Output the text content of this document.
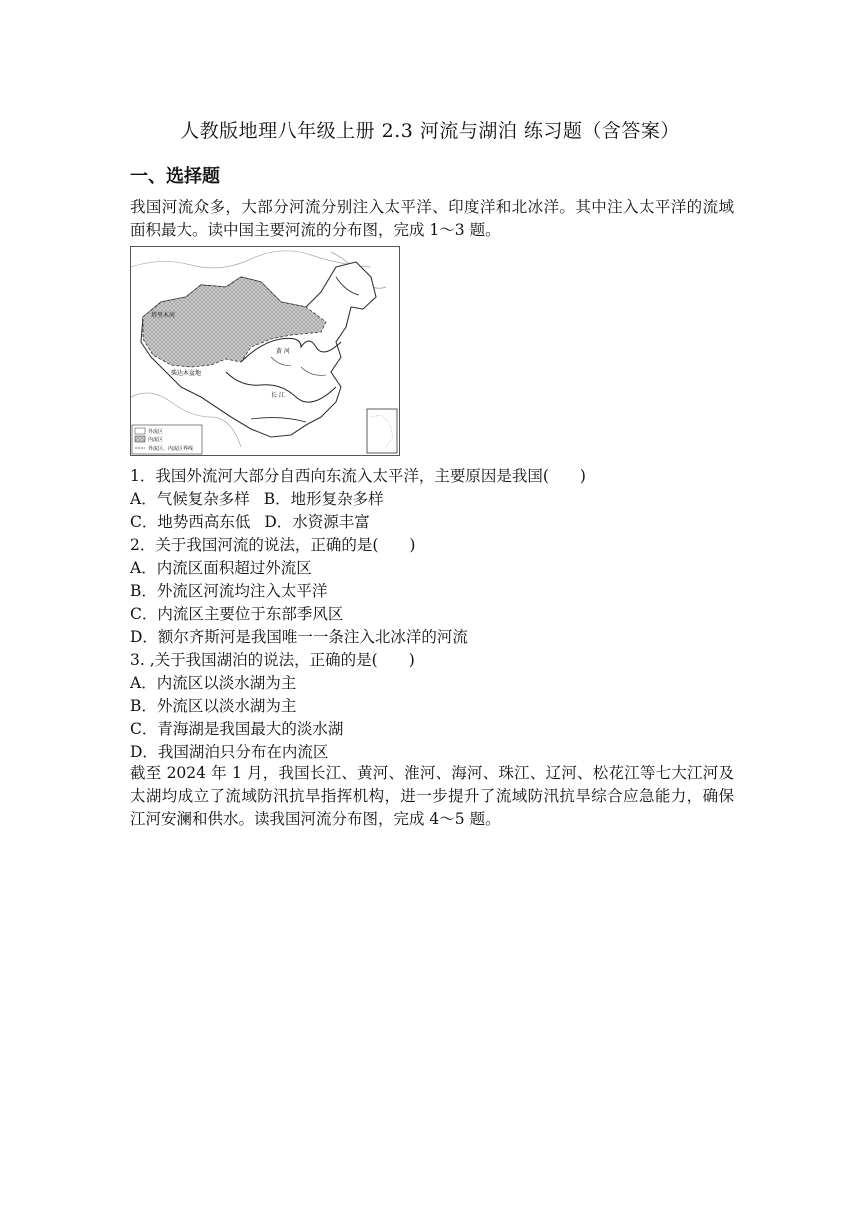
人教版地理八年级上册 2.3 河流与湖泊 练习题（含答案）
一、选择题
我国河流众多，大部分河流分别注入太平洋、印度洋和北冰洋。其中注入太平洋的流域面积最大。读中国主要河流的分布图，完成 1～3 题。
外流区
内流区
外流区、内流区界线
塔里木河
柴达木盆地
黄 河
长 江
1．我国外流河大部分自西向东流入太平洋，主要原因是我国(　　)
A．气候复杂多样 B．地形复杂多样
C．地势西高东低 D．水资源丰富
2．关于我国河流的说法，正确的是(　　)
A．内流区面积超过外流区
B．外流区河流均注入太平洋
C．内流区主要位于东部季风区
D．额尔齐斯河是我国唯一一条注入北冰洋的河流
3. ,关于我国湖泊的说法，正确的是(　　)
A．内流区以淡水湖为主
B．外流区以淡水湖为主
C．青海湖是我国最大的淡水湖
D．我国湖泊只分布在内流区
截至 2024 年 1 月，我国长江、黄河、淮河、海河、珠江、辽河、松花江等七大江河及太湖均成立了流域防汛抗旱指挥机构，进一步提升了流域防汛抗旱综合应急能力，确保江河安澜和供水。读我国河流分布图，完成 4～5 题。
